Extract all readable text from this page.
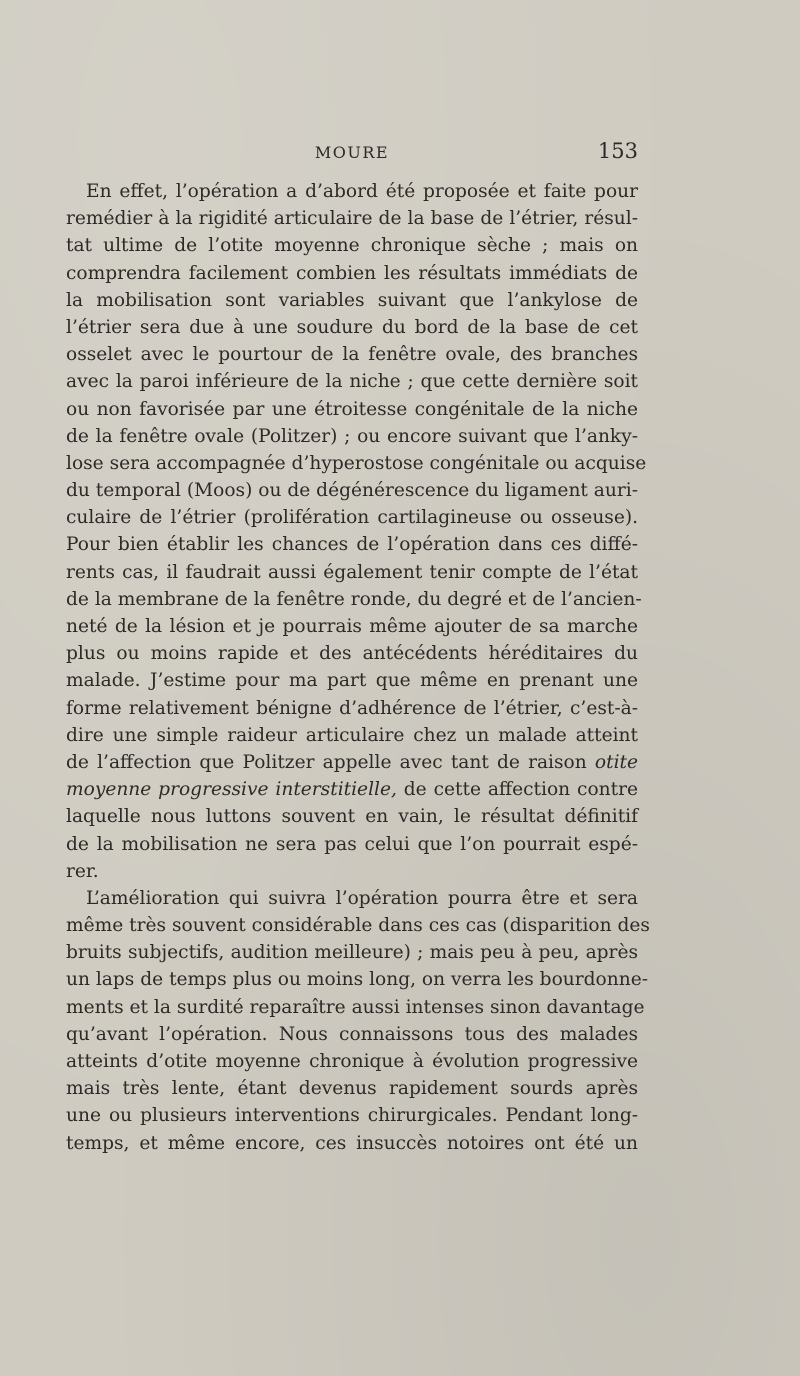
MOURE	153
En effet, l’opération a d’abord été proposée et faite pour
remédier à la rigidité articulaire de la base de l’étrier, résul-
tat ultime de l’otite moyenne chronique sèche ; mais on
comprendra facilement combien les résultats immédiats de
la mobilisation sont variables suivant que l’ankylose de
l’étrier sera due à une soudure du bord de la base de cet
osselet avec le pourtour de la fenêtre ovale, des branches
avec la paroi inférieure de la niche ; que cette dernière soit
ou non favorisée par une étroitesse congénitale de la niche
de la fenêtre ovale (Politzer) ; ou encore suivant que l’anky-
lose sera accompagnée d’hyperostose congénitale ou acquise
du temporal (Moos) ou de dégénérescence du ligament auri-
culaire de l’étrier (prolifération cartilagineuse ou osseuse).
Pour bien établir les chances de l’opération dans ces diffé-
rents cas, il faudrait aussi également tenir compte de l’état
de la membrane de la fenêtre ronde, du degré et de l’ancien-
neté de la lésion et je pourrais même ajouter de sa marche
plus ou moins rapide et des antécédents héréditaires du
malade. J’estime pour ma part que même en prenant une
forme relativement bénigne d’adhérence de l’étrier, c’est-à-
dire une simple raideur articulaire chez un malade atteint
de l’affection que Politzer appelle avec tant de raison otite
moyenne progressive interstitielle, de cette affection contre
laquelle nous luttons souvent en vain, le résultat définitif
de la mobilisation ne sera pas celui que l’on pourrait espé-
rer.
L’amélioration qui suivra l’opération pourra être et sera
même très souvent considérable dans ces cas (disparition des
bruits subjectifs, audition meilleure) ; mais peu à peu, après
un laps de temps plus ou moins long, on verra les bourdonne-
ments et la surdité reparaître aussi intenses sinon davantage
qu’avant l’opération. Nous connaissons tous des malades
atteints d’otite moyenne chronique à évolution progressive
mais très lente, étant devenus rapidement sourds après
une ou plusieurs interventions chirurgicales. Pendant long-
temps, et même encore, ces insuccès notoires ont été un
